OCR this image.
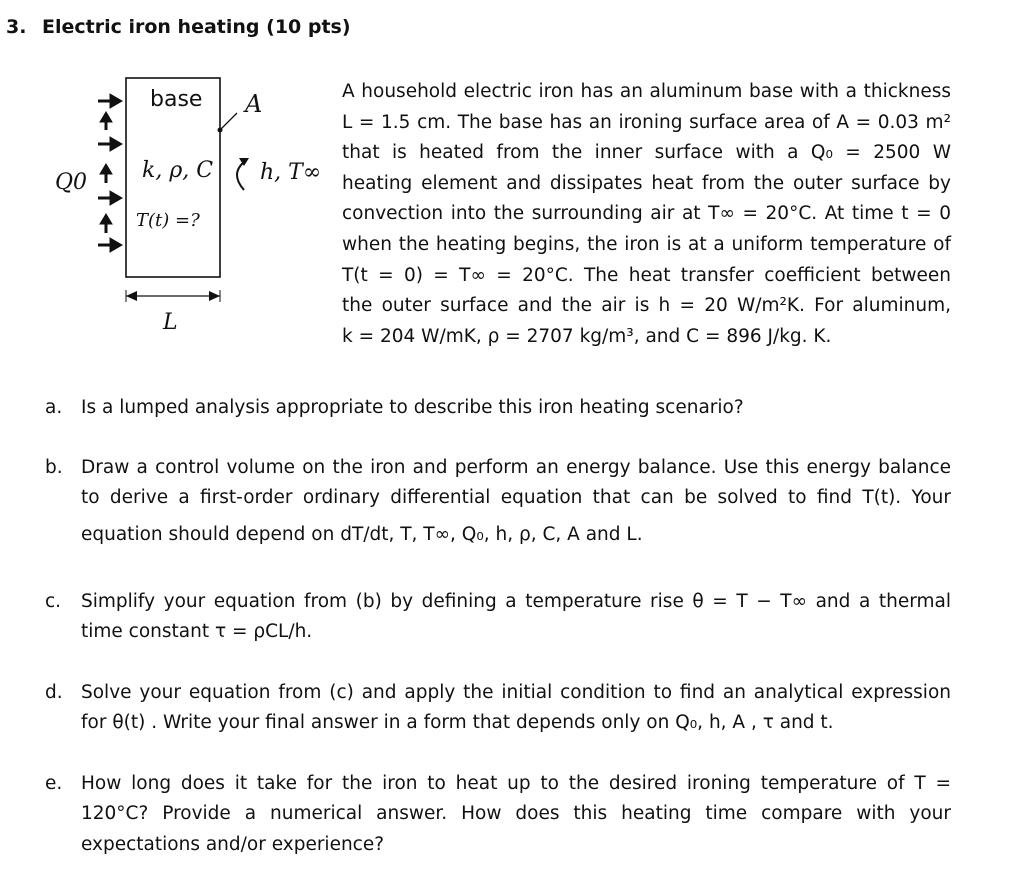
3. Electric iron heating (10 pts)
base A
k, ρ, C
T(t) =?
Q0	h, T∞
L
A household electric iron has an aluminum base with a thickness
L = 1.5 cm. The base has an ironing surface area of A = 0.03 m²
that is heated from the inner surface with a Q₀ = 2500 W
heating element and dissipates heat from the outer surface by
convection into the surrounding air at T∞ = 20°C. At time t = 0
when the heating begins, the iron is at a uniform temperature of
T(t = 0) = T∞ = 20°C. The heat transfer coefficient between
the outer surface and the air is h = 20 W/m²K. For aluminum,
k = 204 W/mK, ρ = 2707 kg/m³, and C = 896 J/kg. K.
a. Is a lumped analysis appropriate to describe this iron heating scenario?
b. Draw a control volume on the iron and perform an energy balance. Use this energy balance
to derive a first-order ordinary differential equation that can be solved to find T(t). Your
equation should depend on dT/dt, T, T∞, Q₀, h, ρ, C, A and L.
c. Simplify your equation from (b) by defining a temperature rise θ = T − T∞ and a thermal
time constant τ = ρCL/h.
d. Solve your equation from (c) and apply the initial condition to find an analytical expression
for θ(t) . Write your final answer in a form that depends only on Q₀, h, A , τ and t.
e. How long does it take for the iron to heat up to the desired ironing temperature of T =
120°C? Provide a numerical answer. How does this heating time compare with your
expectations and/or experience?
